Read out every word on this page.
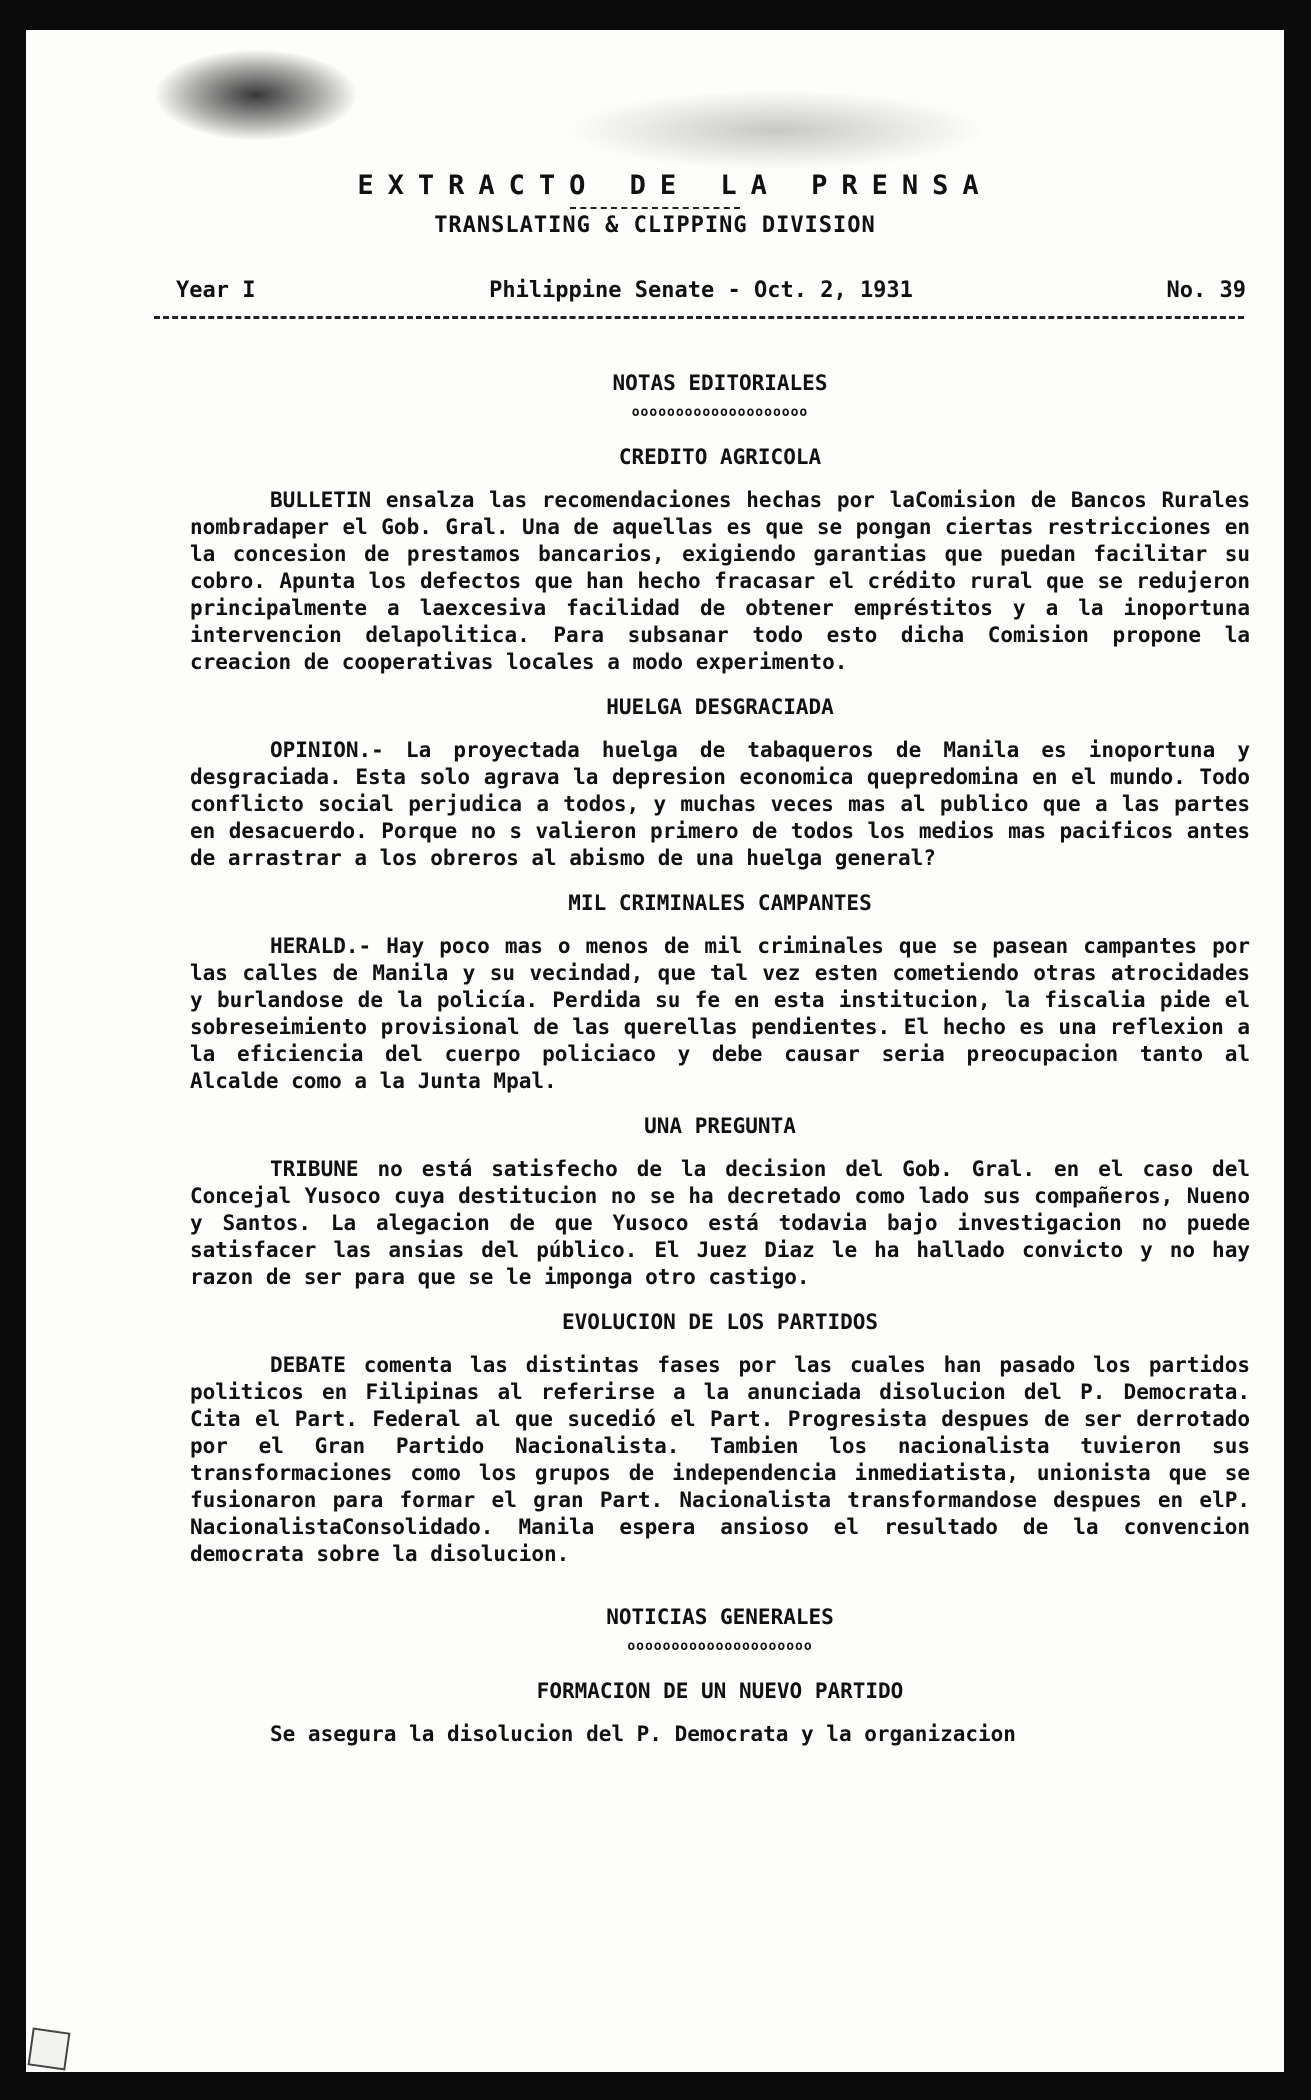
EXTRACTO DE LA PRENSA
TRANSLATING & CLIPPING DIVISION
Year I	Philippine Senate - Oct. 2, 1931	No. 39
NOTAS EDITORIALES
oooooooooooooooooooo
CREDITO AGRICOLA

BULLETIN ensalza las recomendaciones hechas por laComision de Bancos Rurales nombradaper el Gob. Gral. Una de aquellas es que se pongan ciertas restricciones en la concesion de prestamos bancarios, exigiendo garantias que puedan facilitar su cobro. Apunta los defectos que han hecho fracasar el crédito rural que se redujeron principalmente a laexcesiva facilidad de obtener empréstitos y a la inoportuna intervencion delapolitica. Para subsanar todo esto dicha Comision propone la creacion de cooperativas locales a modo experimento.

HUELGA DESGRACIADA

OPINION.- La proyectada huelga de tabaqueros de Manila es inoportuna y desgraciada. Esta solo agrava la depresion economica quepredomina en el mundo. Todo conflicto social perjudica a todos, y muchas veces mas al publico que a las partes en desacuerdo. Porque no s valieron primero de todos los medios mas pacificos antes de arrastrar a los obreros al abismo de una huelga general?

MIL CRIMINALES CAMPANTES

HERALD.- Hay poco mas o menos de mil criminales que se pasean campantes por las calles de Manila y su vecindad, que tal vez esten cometiendo otras atrocidades y burlandose de la policía. Perdida su fe en esta institucion, la fiscalia pide el sobreseimiento provisional de las querellas pendientes. El hecho es una reflexion a la eficiencia del cuerpo policiaco y debe causar seria preocupacion tanto al Alcalde como a la Junta Mpal.

UNA PREGUNTA

TRIBUNE no está satisfecho de la decision del Gob. Gral. en el caso del Concejal Yusoco cuya destitucion no se ha decretado como lado sus compañeros, Nueno y Santos. La alegacion de que Yusoco está todavia bajo investigacion no puede satisfacer las ansias del público. El Juez Diaz le ha hallado convicto y no hay razon de ser para que se le imponga otro castigo.

EVOLUCION DE LOS PARTIDOS

DEBATE comenta las distintas fases por las cuales han pasado los partidos politicos en Filipinas al referirse a la anunciada disolucion del P. Democrata. Cita el Part. Federal al que sucedió el Part. Progresista despues de ser derrotado por el Gran Partido Nacionalista. Tambien los nacionalista tuvieron sus transformaciones como los grupos de independencia inmediatista, unionista que se fusionaron para formar el gran Part. Nacionalista transformandose despues en elP. NacionalistaConsolidado. Manila espera ansioso el resultado de la convencion democrata sobre la disolucion.

NOTICIAS GENERALES
ooooooooooooooooooooo
FORMACION DE UN NUEVO PARTIDO

Se asegura la disolucion del P. Democrata y la organizacion
